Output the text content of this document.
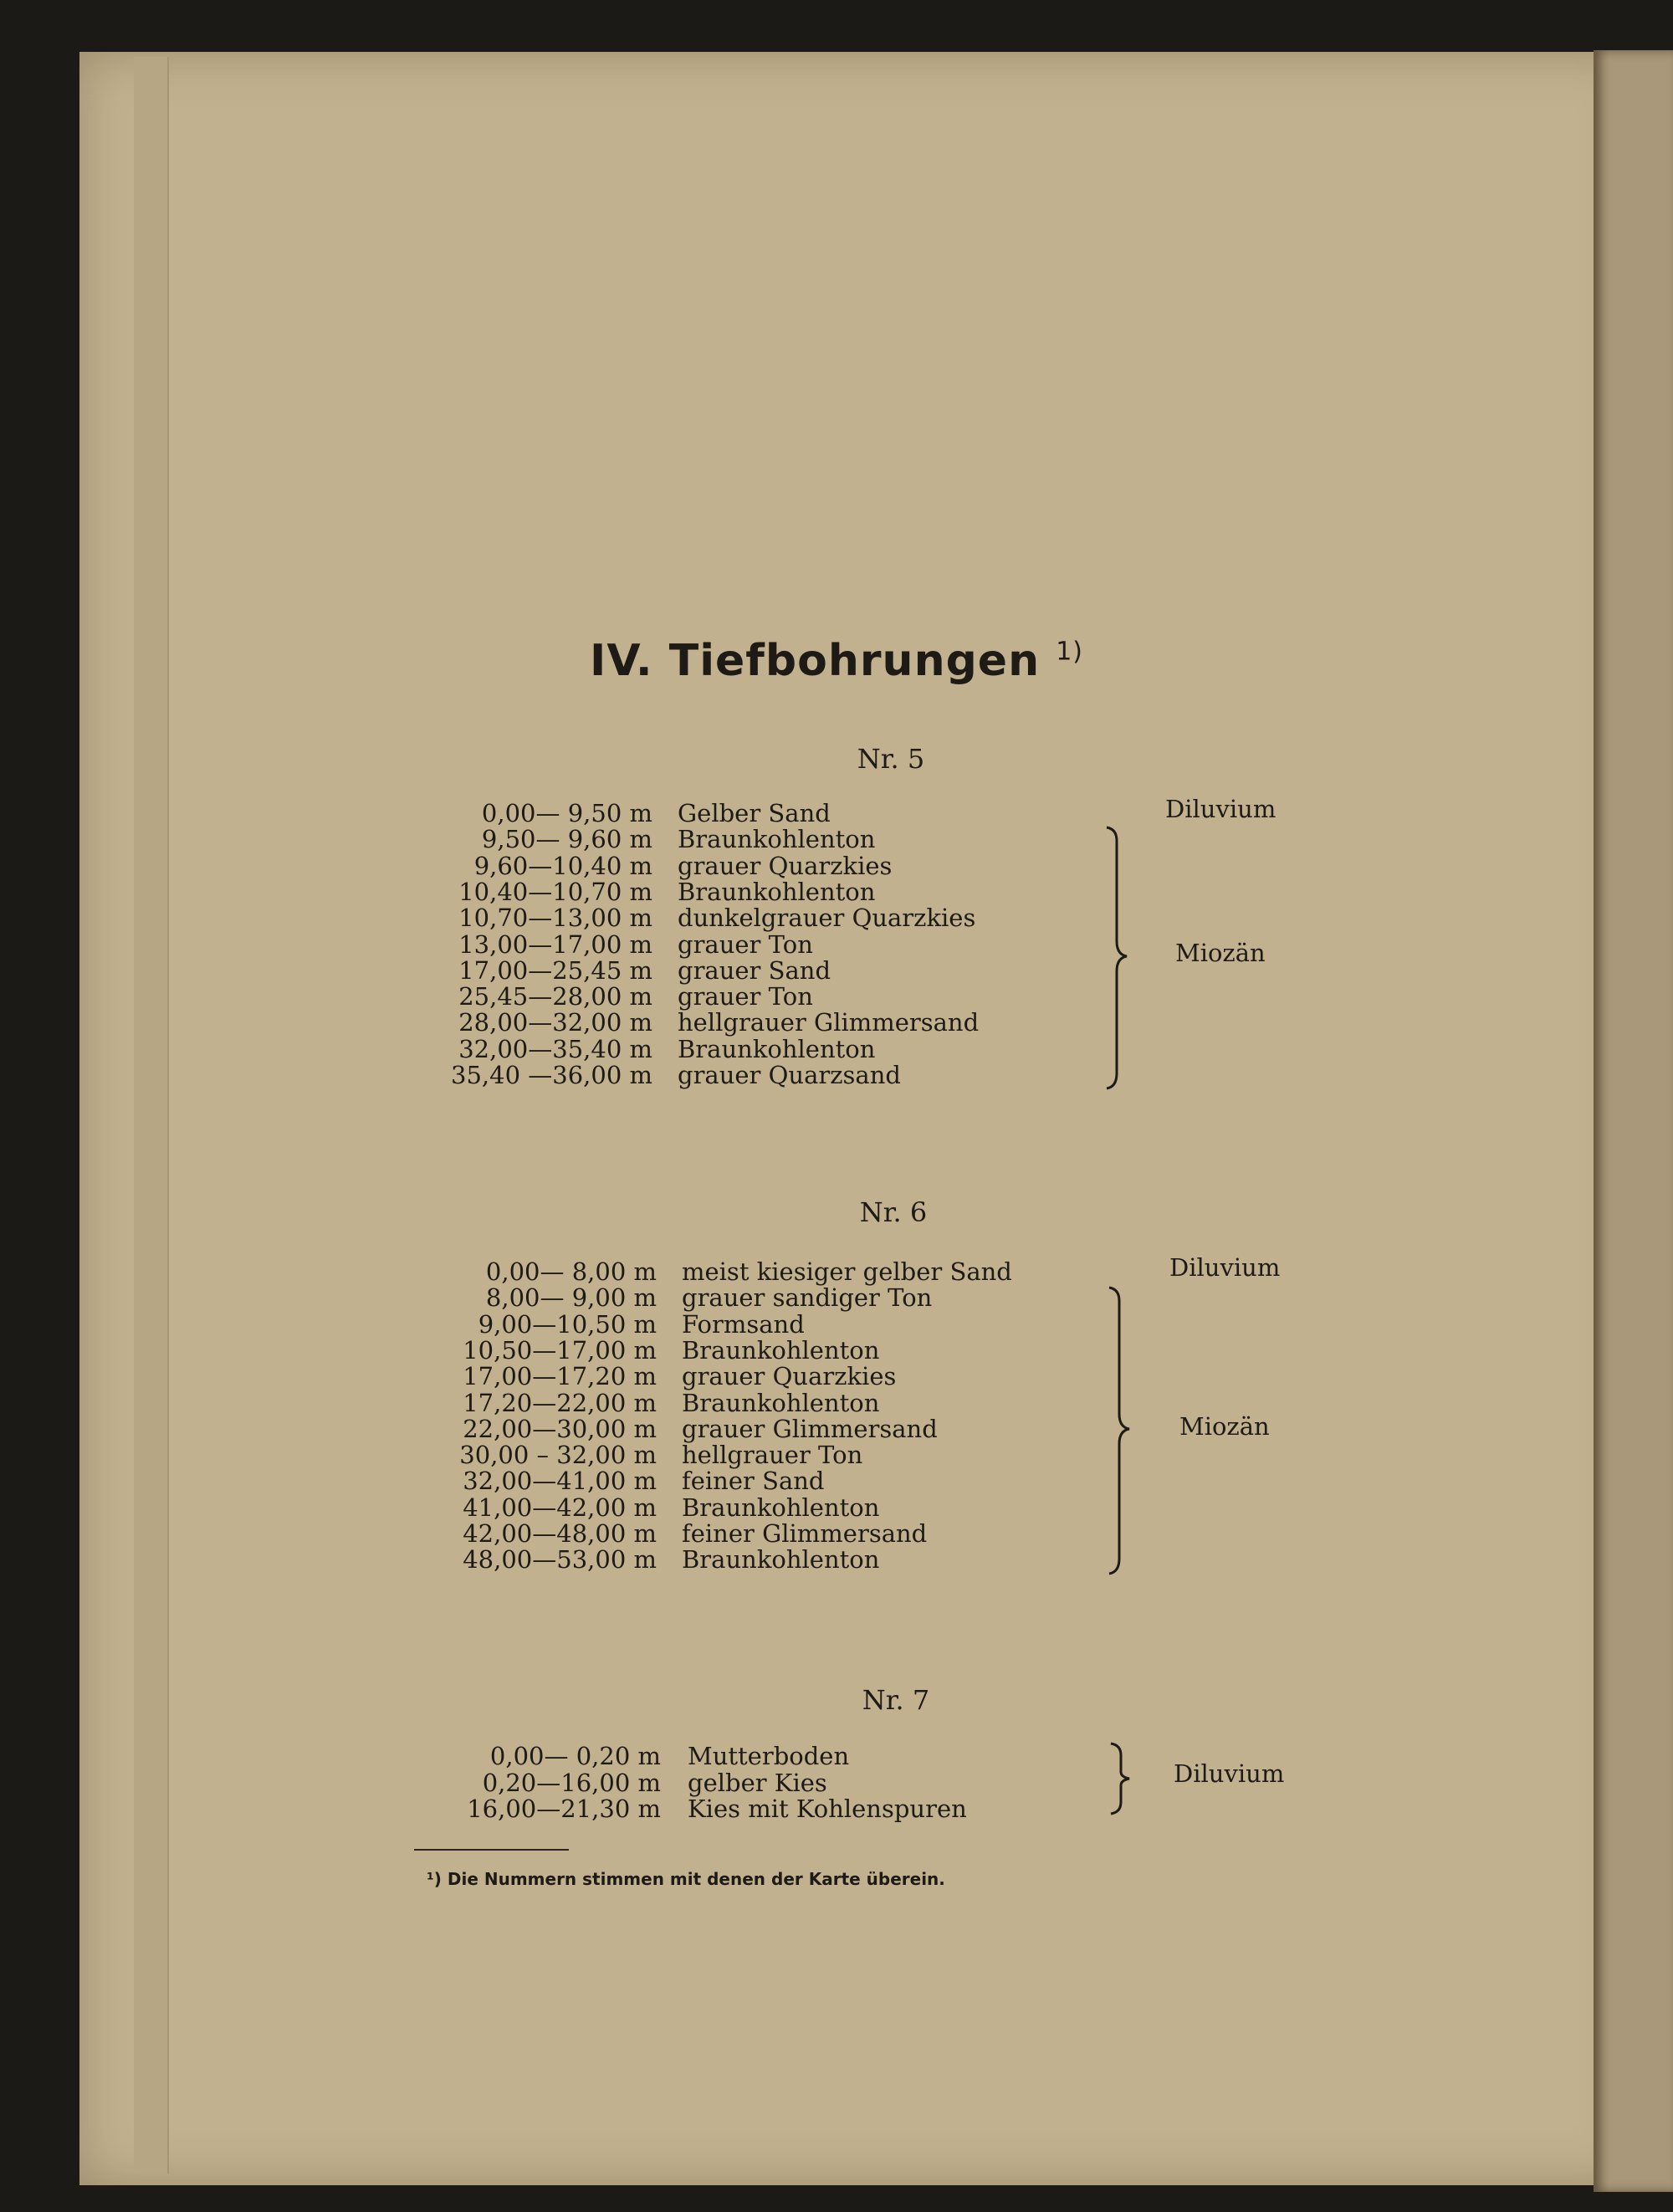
IV. Tiefbohrungen $^{1)}$
Nr. 5
0,00— 9,50 m Gelber Sand
9,50— 9,60 m Braunkohlenton
9,60—10,40 m grauer Quarzkies
10,40—10,70 m Braunkohlenton
10,70—13,00 m dunkelgrauer Quarzkies
13,00—17,00 m grauer Ton
17,00—25,45 m grauer Sand
25,45—28,00 m grauer Ton
28,00—32,00 m hellgrauer Glimmersand
32,00—35,40 m Braunkohlenton
35,40 —36,00 m grauer Quarzsand
Diluvium
Miozän
Nr. 6
0,00— 8,00 m meist kiesiger gelber Sand
8,00— 9,00 m grauer sandiger Ton
9,00—10,50 m Formsand
10,50—17,00 m Braunkohlenton
17,00—17,20 m grauer Quarzkies
17,20—22,00 m Braunkohlenton
22,00—30,00 m grauer Glimmersand
30,00 – 32,00 m hellgrauer Ton
32,00—41,00 m feiner Sand
41,00—42,00 m Braunkohlenton
42,00—48,00 m feiner Glimmersand
48,00—53,00 m Braunkohlenton
Diluvium
Miozän
Nr. 7
0,00— 0,20 m Mutterboden
0,20—16,00 m gelber Kies
16,00—21,30 m Kies mit Kohlenspuren
Diluvium
¹) Die Nummern stimmen mit denen der Karte überein.
